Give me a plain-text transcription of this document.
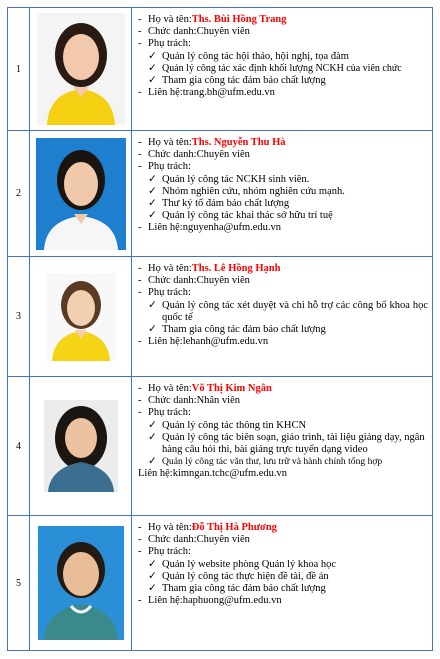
1
- Họ và tên: Ths. Bùi Hồng Trang
- Chức danh: Chuyên viên
- Phụ trách:
✓ Quản lý công tác hội thảo, hội nghị, tọa đàm
✓ Quản lý công tác xác định khối lượng NCKH của viên chức
✓ Tham gia công tác đảm bảo chất lượng
- Liên hệ: trang.bh@ufm.edu.vn
2
- Họ và tên: Ths. Nguyễn Thu Hà
- Chức danh: Chuyên viên
- Phụ trách:
✓ Quản lý công tác NCKH sinh viên.
✓ Nhóm nghiên cứu, nhóm nghiên cứu mạnh.
✓ Thư ký tổ đảm bảo chất lượng
✓ Quản lý công tác khai thác sở hữu trí tuệ
- Liên hệ: nguyenha@ufm.edu.vn
3
- Họ và tên: Ths. Lê Hồng Hạnh
- Chức danh: Chuyên viên
- Phụ trách:
✓ Quản lý công tác xét duyệt và chi hỗ trợ các công bố khoa học quốc tế
✓ Tham gia công tác đảm bảo chất lượng
- Liên hệ: lehanh@ufm.edu.vn
4
- Họ và tên: Võ Thị Kim Ngân
- Chức danh: Nhân viên
- Phụ trách:
✓ Quản lý công tác thông tin KHCN
✓ Quản lý công tác biên soạn, giáo trình, tài liệu giảng dạy, ngân hàng câu hỏi thi, bài giảng trực tuyến dạng video
✓ Quản lý công tác văn thư, lưu trữ và hành chính tổng hợp
Liên hệ: kimngan.tchc@ufm.edu.vn
5
- Họ và tên: Đỗ Thị Hà Phương
- Chức danh: Chuyên viên
- Phụ trách:
✓ Quản lý website phòng Quản lý khoa học
✓ Quản lý công tác thực hiện đề tài, đề án
✓ Tham gia công tác đảm bảo chất lượng
- Liên hệ: haphuong@ufm.edu.vn
